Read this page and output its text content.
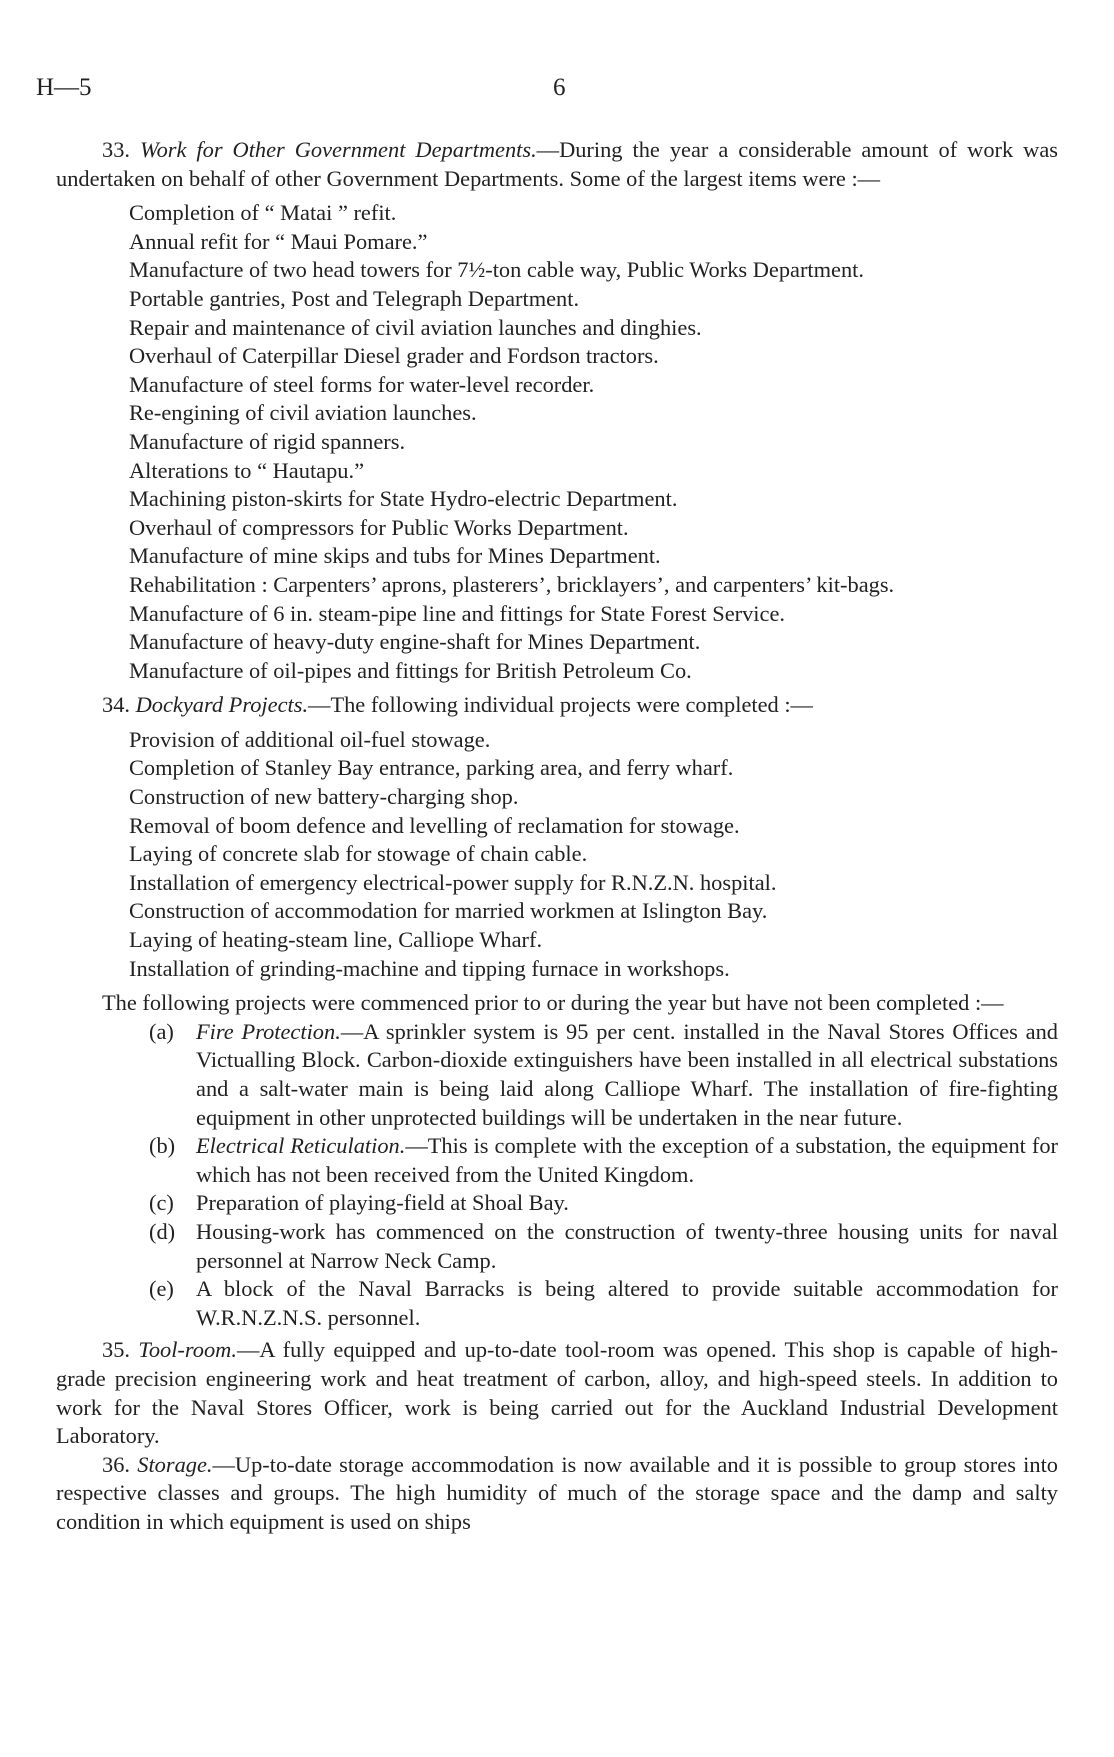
H—5	6

33. Work for Other Government Departments.—During the year a considerable amount of work was undertaken on behalf of other Government Departments. Some of the largest items were :—

Completion of “ Matai ” refit.
Annual refit for “ Maui Pomare.”
Manufacture of two head towers for 7½-ton cable way, Public Works Department.
Portable gantries, Post and Telegraph Department.
Repair and maintenance of civil aviation launches and dinghies.
Overhaul of Caterpillar Diesel grader and Fordson tractors.
Manufacture of steel forms for water-level recorder.
Re-engining of civil aviation launches.
Manufacture of rigid spanners.
Alterations to “ Hautapu.”
Machining piston-skirts for State Hydro-electric Department.
Overhaul of compressors for Public Works Department.
Manufacture of mine skips and tubs for Mines Department.
Rehabilitation : Carpenters’ aprons, plasterers’, bricklayers’, and carpenters’ kit-bags.
Manufacture of 6 in. steam-pipe line and fittings for State Forest Service.
Manufacture of heavy-duty engine-shaft for Mines Department.
Manufacture of oil-pipes and fittings for British Petroleum Co.

34. Dockyard Projects.—The following individual projects were completed :—

Provision of additional oil-fuel stowage.
Completion of Stanley Bay entrance, parking area, and ferry wharf.
Construction of new battery-charging shop.
Removal of boom defence and levelling of reclamation for stowage.
Laying of concrete slab for stowage of chain cable.
Installation of emergency electrical-power supply for R.N.Z.N. hospital.
Construction of accommodation for married workmen at Islington Bay.
Laying of heating-steam line, Calliope Wharf.
Installation of grinding-machine and tipping furnace in workshops.

The following projects were commenced prior to or during the year but have not been completed :—

(a) Fire Protection.—A sprinkler system is 95 per cent. installed in the Naval Stores Offices and Victualling Block. Carbon-dioxide extinguishers have been installed in all electrical substations and a salt-water main is being laid along Calliope Wharf. The installation of fire-fighting equipment in other unprotected buildings will be undertaken in the near future.
(b) Electrical Reticulation.—This is complete with the exception of a substation, the equipment for which has not been received from the United Kingdom.
(c) Preparation of playing-field at Shoal Bay.
(d) Housing-work has commenced on the construction of twenty-three housing units for naval personnel at Narrow Neck Camp.
(e) A block of the Naval Barracks is being altered to provide suitable accommodation for W.R.N.Z.N.S. personnel.

35. Tool-room.—A fully equipped and up-to-date tool-room was opened. This shop is capable of high-grade precision engineering work and heat treatment of carbon, alloy, and high-speed steels. In addition to work for the Naval Stores Officer, work is being carried out for the Auckland Industrial Development Laboratory.

36. Storage.—Up-to-date storage accommodation is now available and it is possible to group stores into respective classes and groups. The high humidity of much of the storage space and the damp and salty condition in which equipment is used on ships
